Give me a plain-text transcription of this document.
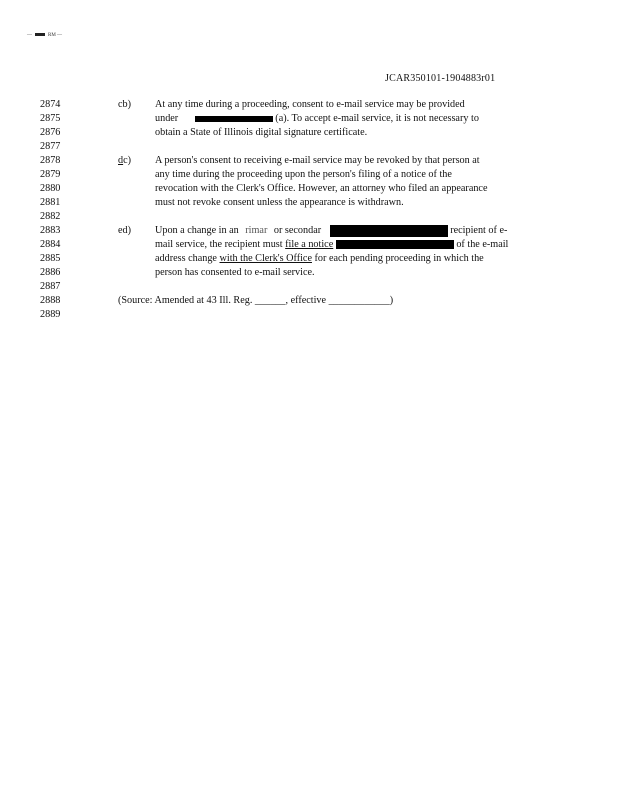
—	RM —
JCAR350101-1904883r01
2874	cb) At any time during a proceeding, consent to e-mail service may be provided
2875	under	(a). To accept e-mail service, it is not necessary to
2876	obtain a State of Illinois digital signature certificate.
2877
2878	dc) A person's consent to receiving e-mail service may be revoked by that person at
2879	any time during the proceeding upon the person's filing of a notice of the
2880	revocation with the Clerk's Office. However, an attorney who filed an appearance
2881	must not revoke consent unless the appearance is withdrawn.
2882
2883	ed) Upon a change in an rimar or secondar	recipient of e-
2884	mail service, the recipient must file a notice	of the e-mail
2885	address change with the Clerk's Office for each pending proceeding in which the
2886	person has consented to e-mail service.
2887
2888	(Source: Amended at 43 Ill. Reg. ______, effective ____________)
2889
